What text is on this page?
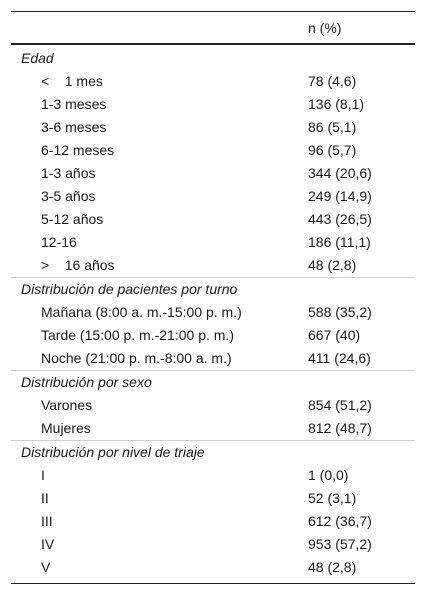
n (%)
Edad
<    1 mes	78 (4,6)
1-3 meses	136 (8,1)
3-6 meses	86 (5,1)
6-12 meses	96 (5,7)
1-3 años	344 (20,6)
3-5 años	249 (14,9)
5-12 años	443 (26,5)
12-16	186 (11,1)
>    16 años	48 (2,8)
Distribución de pacientes por turno
Mañana (8:00 a. m.-15:00 p. m.)	588 (35,2)
Tarde (15:00 p. m.-21:00 p. m.)	667 (40)
Noche (21:00 p. m.-8:00 a. m.)	411 (24,6)
Distribución por sexo
Varones	854 (51,2)
Mujeres	812 (48,7)
Distribución por nivel de triaje
I	1 (0,0)
II	52 (3,1)
III	612 (36,7)
IV	953 (57,2)
V	48 (2,8)
